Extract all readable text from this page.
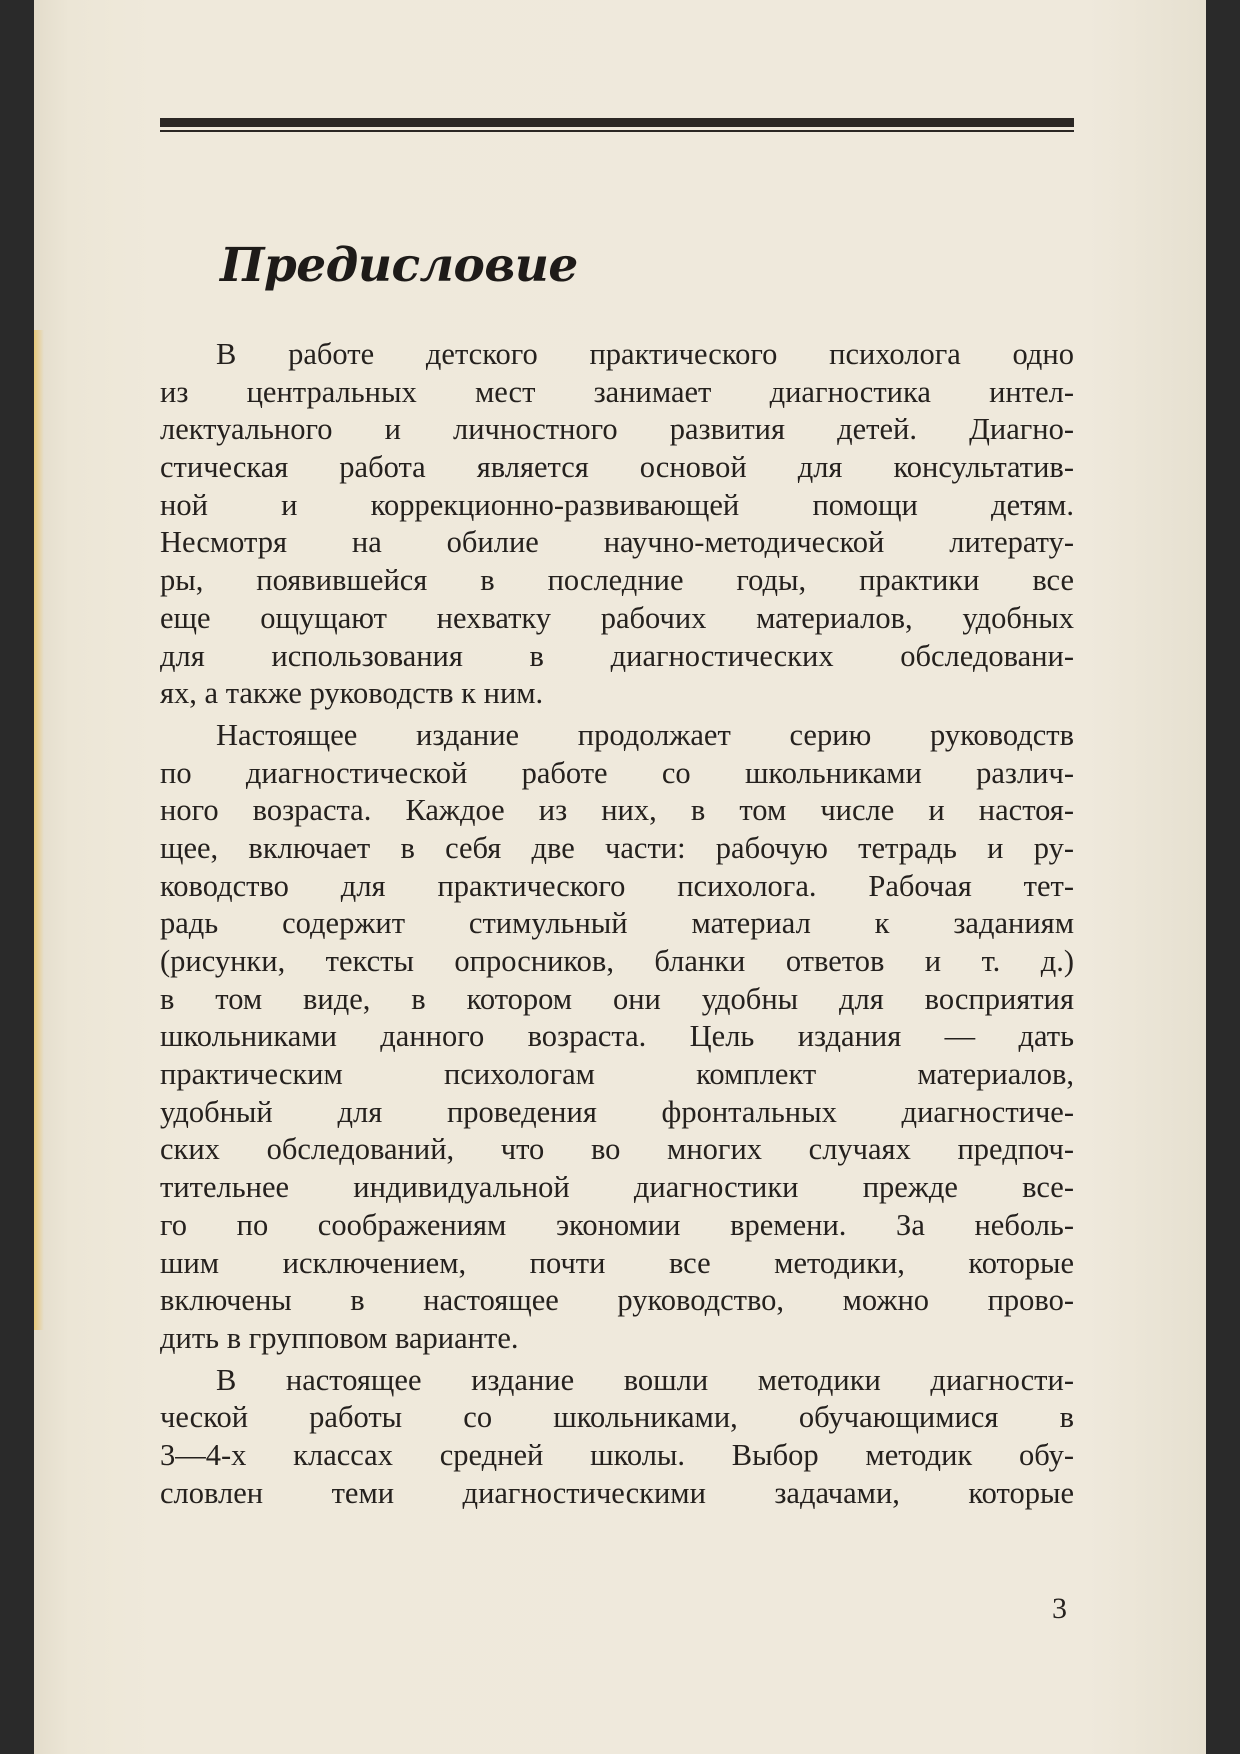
Предисловие
В работе детского практического психолога одно
из центральных мест занимает диагностика интел-
лектуального и личностного развития детей. Диагно-
стическая работа является основой для консультатив-
ной и коррекционно-развивающей помощи детям.
Несмотря на обилие научно-методической литерату-
ры, появившейся в последние годы, практики все
еще ощущают нехватку рабочих материалов, удобных
для использования в диагностических обследовани-
ях, а также руководств к ним.
Настоящее издание продолжает серию руководств
по диагностической работе со школьниками различ-
ного возраста. Каждое из них, в том числе и настоя-
щее, включает в себя две части: рабочую тетрадь и ру-
ководство для практического психолога. Рабочая тет-
радь содержит стимульный материал к заданиям
(рисунки, тексты опросников, бланки ответов и т. д.)
в том виде, в котором они удобны для восприятия
школьниками данного возраста. Цель издания — дать
практическим психологам комплект материалов,
удобный для проведения фронтальных диагностиче-
ских обследований, что во многих случаях предпоч-
тительнее индивидуальной диагностики прежде все-
го по соображениям экономии времени. За неболь-
шим исключением, почти все методики, которые
включены в настоящее руководство, можно прово-
дить в групповом варианте.
В настоящее издание вошли методики диагности-
ческой работы со школьниками, обучающимися в
3—4-х классах средней школы. Выбор методик обу-
словлен теми диагностическими задачами, которые
3
